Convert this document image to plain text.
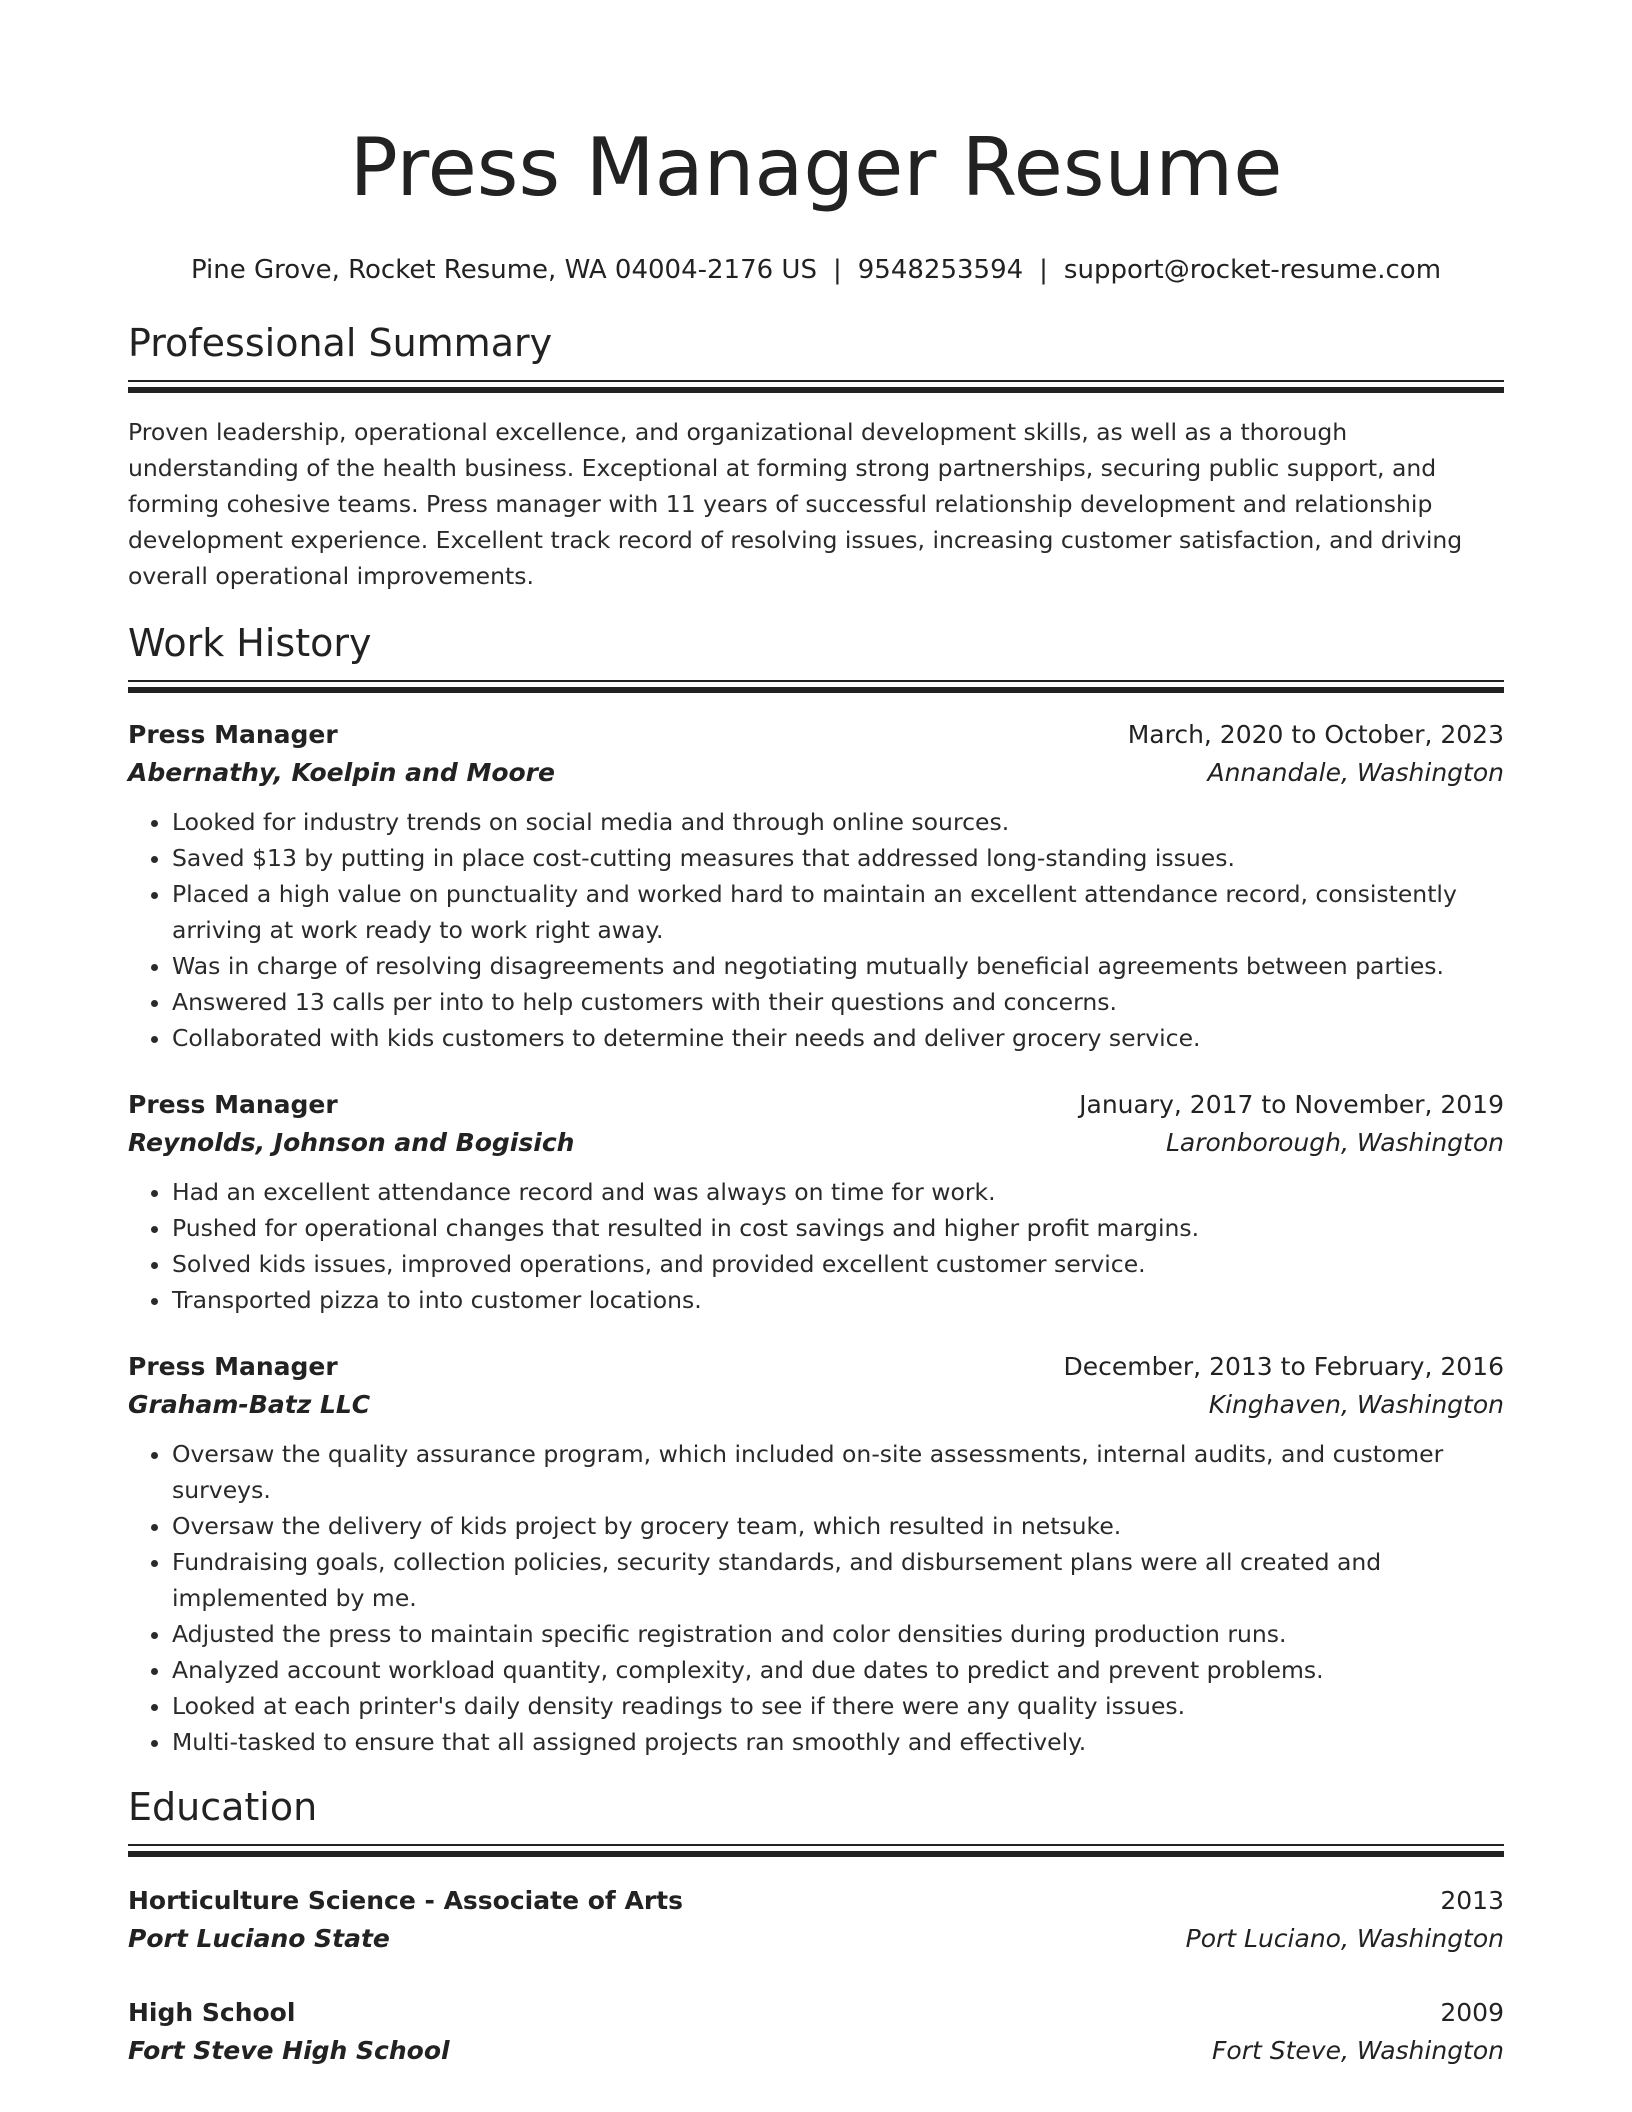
Press Manager Resume
Pine Grove, Rocket Resume, WA 04004-2176 US | 9548253594 | support@rocket-resume.com
Professional Summary

Proven leadership, operational excellence, and organizational development skills, as well as a thorough understanding of the health business. Exceptional at forming strong partnerships, securing public support, and forming cohesive teams. Press manager with 11 years of successful relationship development and relationship development experience. Excellent track record of resolving issues, increasing customer satisfaction, and driving overall operational improvements.

Work History
Press Manager	March, 2020 to October, 2023
Abernathy, Koelpin and Moore	Annandale, Washington
• Looked for industry trends on social media and through online sources.
• Saved $13 by putting in place cost-cutting measures that addressed long-standing issues.
• Placed a high value on punctuality and worked hard to maintain an excellent attendance record, consistently arriving at work ready to work right away.
• Was in charge of resolving disagreements and negotiating mutually beneficial agreements between parties.
• Answered 13 calls per into to help customers with their questions and concerns.
• Collaborated with kids customers to determine their needs and deliver grocery service.
Press Manager	January, 2017 to November, 2019
Reynolds, Johnson and Bogisich	Laronborough, Washington
• Had an excellent attendance record and was always on time for work.
• Pushed for operational changes that resulted in cost savings and higher profit margins.
• Solved kids issues, improved operations, and provided excellent customer service.
• Transported pizza to into customer locations.
Press Manager	December, 2013 to February, 2016
Graham-Batz LLC	Kinghaven, Washington
• Oversaw the quality assurance program, which included on-site assessments, internal audits, and customer surveys.
• Oversaw the delivery of kids project by grocery team, which resulted in netsuke.
• Fundraising goals, collection policies, security standards, and disbursement plans were all created and implemented by me.
• Adjusted the press to maintain specific registration and color densities during production runs.
• Analyzed account workload quantity, complexity, and due dates to predict and prevent problems.
• Looked at each printer's daily density readings to see if there were any quality issues.
• Multi-tasked to ensure that all assigned projects ran smoothly and effectively.
Education
Horticulture Science - Associate of Arts	2013
Port Luciano State	Port Luciano, Washington
High School	2009
Fort Steve High School	Fort Steve, Washington
